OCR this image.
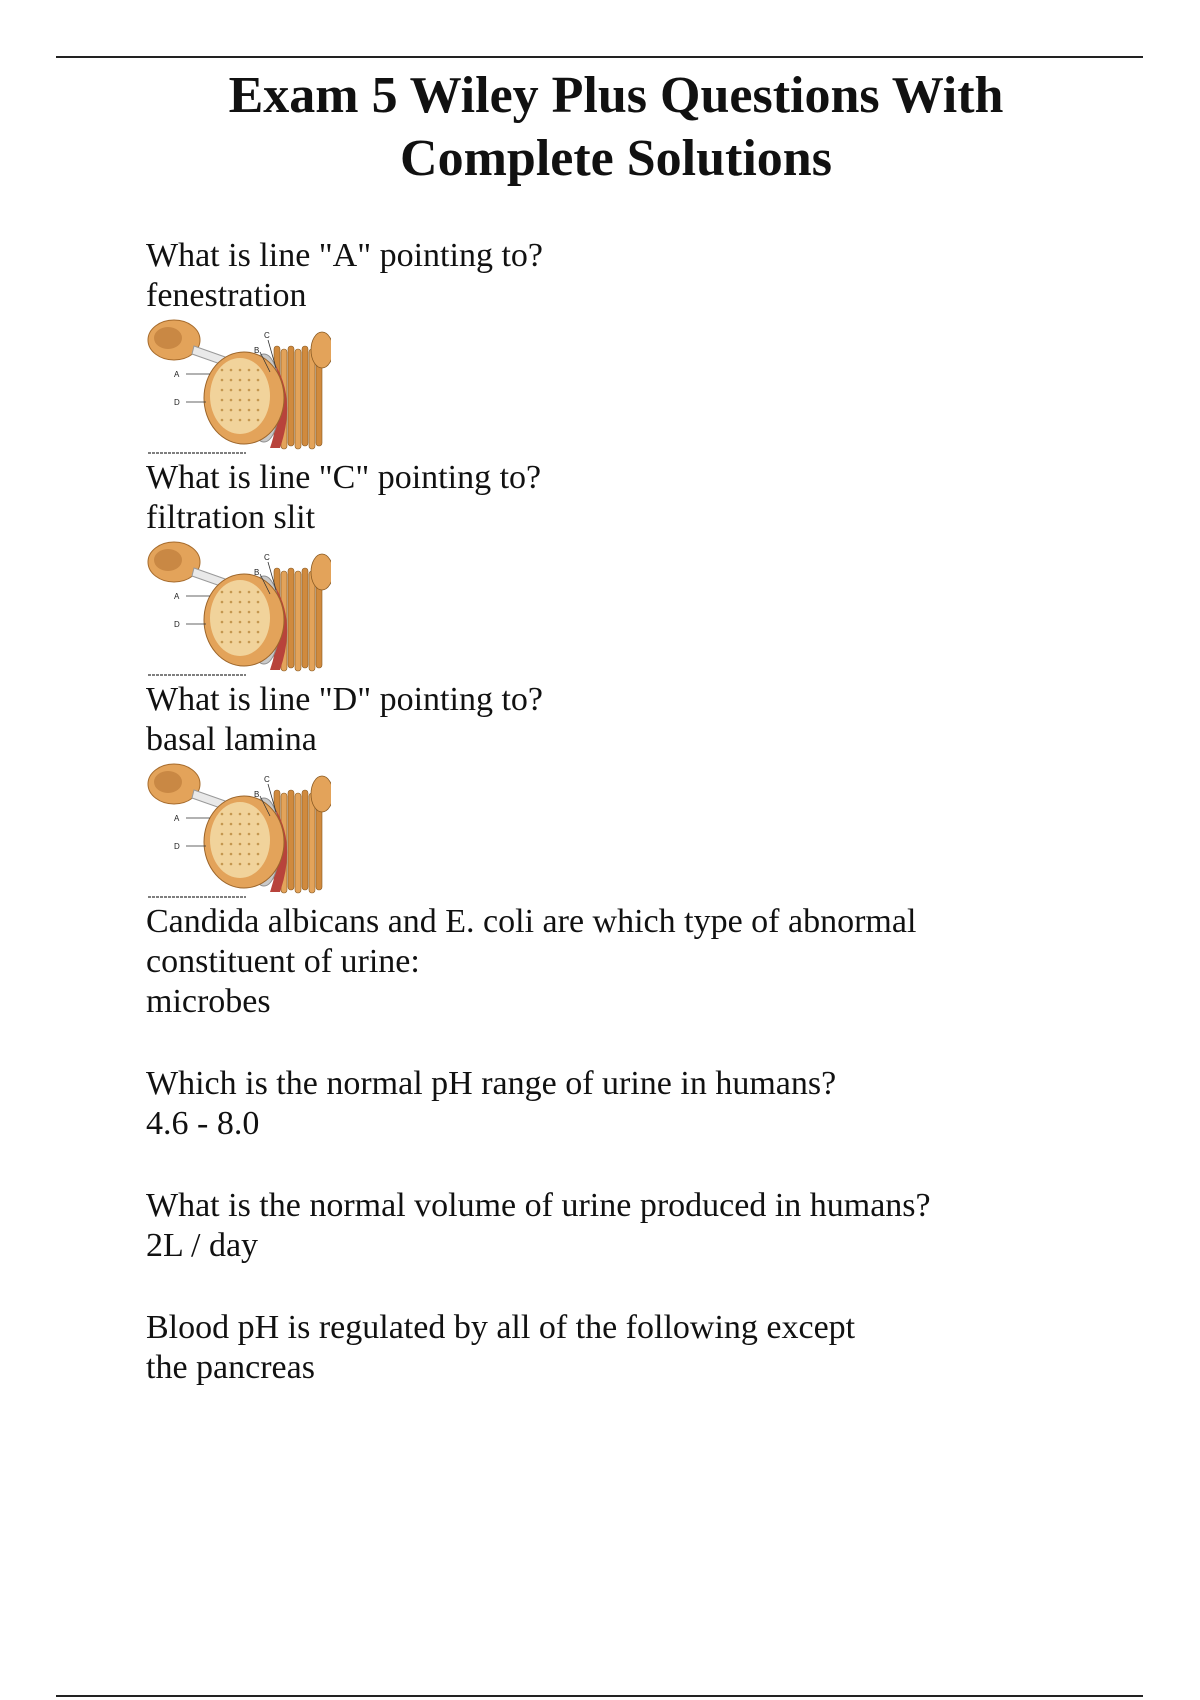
Exam 5 Wiley Plus Questions With
Complete Solutions
What is line "A" pointing to?
fenestration
A
D
B
C
What is line "C" pointing to?
filtration slit
A
D
B
C
What is line "D" pointing to?
basal lamina
A
D
B
C
Candida albicans and E. coli are which type of abnormal
constituent of urine:
microbes
Which is the normal pH range of urine in humans?
4.6 - 8.0
What is the normal volume of urine produced in humans?
2L / day
Blood pH is regulated by all of the following except
the pancreas
